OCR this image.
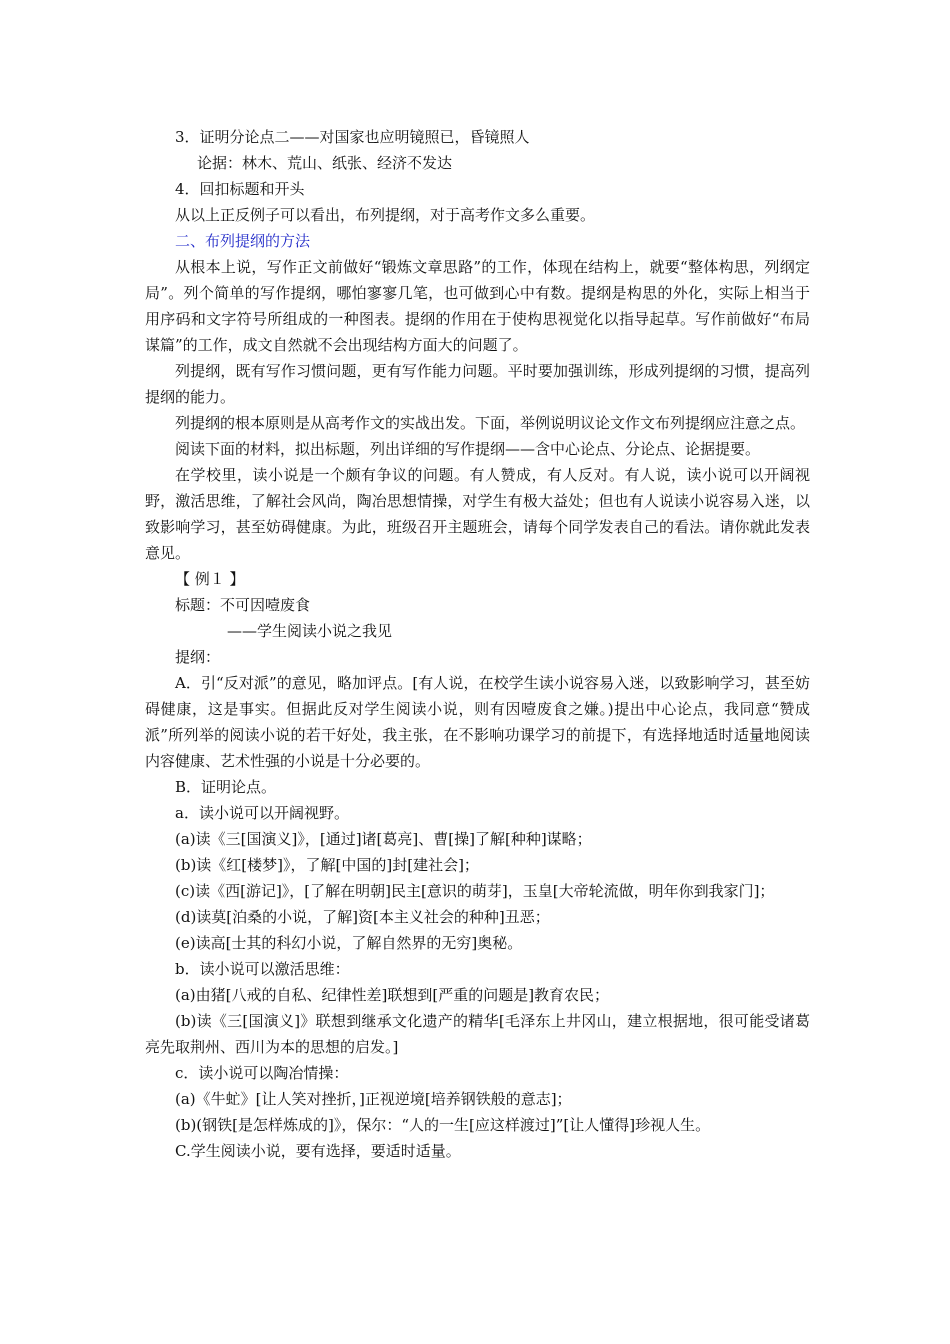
3．证明分论点二——对国家也应明镜照已，昏镜照人

论据：林木、荒山、纸张、经济不发达

4．回扣标题和开头

从以上正反例子可以看出，布列提纲，对于高考作文多么重要。

二、布列提纲的方法

从根本上说，写作正文前做好“锻炼文章思路”的工作，体现在结构上，就要“整体构思，列纲定局”。列个简单的写作提纲，哪怕寥寥几笔，也可做到心中有数。提纲是构思的外化，实际上相当于用序码和文字符号所组成的一种图表。提纲的作用在于使构思视觉化以指导起草。写作前做好“布局谋篇”的工作，成文自然就不会出现结构方面大的问题了。

列提纲，既有写作习惯问题，更有写作能力问题。平时要加强训练，形成列提纲的习惯，提高列提纲的能力。

列提纲的根本原则是从高考作文的实战出发。下面，举例说明议论文作文布列提纲应注意之点。

阅读下面的材料，拟出标题，列出详细的写作提纲——含中心论点、分论点、论据提要。

在学校里，读小说是一个颇有争议的问题。有人赞成，有人反对。有人说，读小说可以开阔视野，激活思维，了解社会风尚，陶冶思想情操，对学生有极大益处；但也有人说读小说容易入迷，以致影响学习，甚至妨碍健康。为此，班级召开主题班会，请每个同学发表自己的看法。请你就此发表意见。

【 例１ 】

标题：不可因噎废食

——学生阅读小说之我见

提纲：

A．引“反对派”的意见，略加评点。[有人说，在校学生读小说容易入迷，以致影响学习，甚至妨碍健康，这是事实。但据此反对学生阅读小说，则有因噎废食之嫌。)提出中心论点，我同意“赞成派”所列举的阅读小说的若干好处，我主张，在不影响功课学习的前提下，有选择地适时适量地阅读内容健康、艺术性强的小说是十分必要的。

B．证明论点。

a．读小说可以开阔视野。

(a)读《三[国演义]》，[通过]诸[葛亮]、曹[操]了解[种种]谋略；

(b)读《红[楼梦]》，了解[中国的]封[建社会]；

(c)读《西[游记]》，[了解在明朝]民主[意识的萌芽]，玉皇[大帝轮流做，明年你到我家门]；

(d)读莫[泊桑的小说，了解]资[本主义社会的种种]丑恶；

(e)读高[士其的科幻小说，了解自然界的无穷]奥秘。

b．读小说可以激活思维：

(a)由猪[八戒的自私、纪律性差]联想到[严重的问题是]教育农民；

(b)读《三[国演义]》联想到继承文化遗产的精华[毛泽东上井冈山，建立根据地，很可能受诸葛亮先取荆州、西川为本的思想的启发。]

c．读小说可以陶冶情操：

(a)《牛虻》[让人笑对挫折，]正视逆境[培养钢铁般的意志]；

(b)(钢铁[是怎样炼成的]》，保尔：“人的一生[应这样渡过]”[让人懂得]珍视人生。

C.学生阅读小说，要有选择，要适时适量。
